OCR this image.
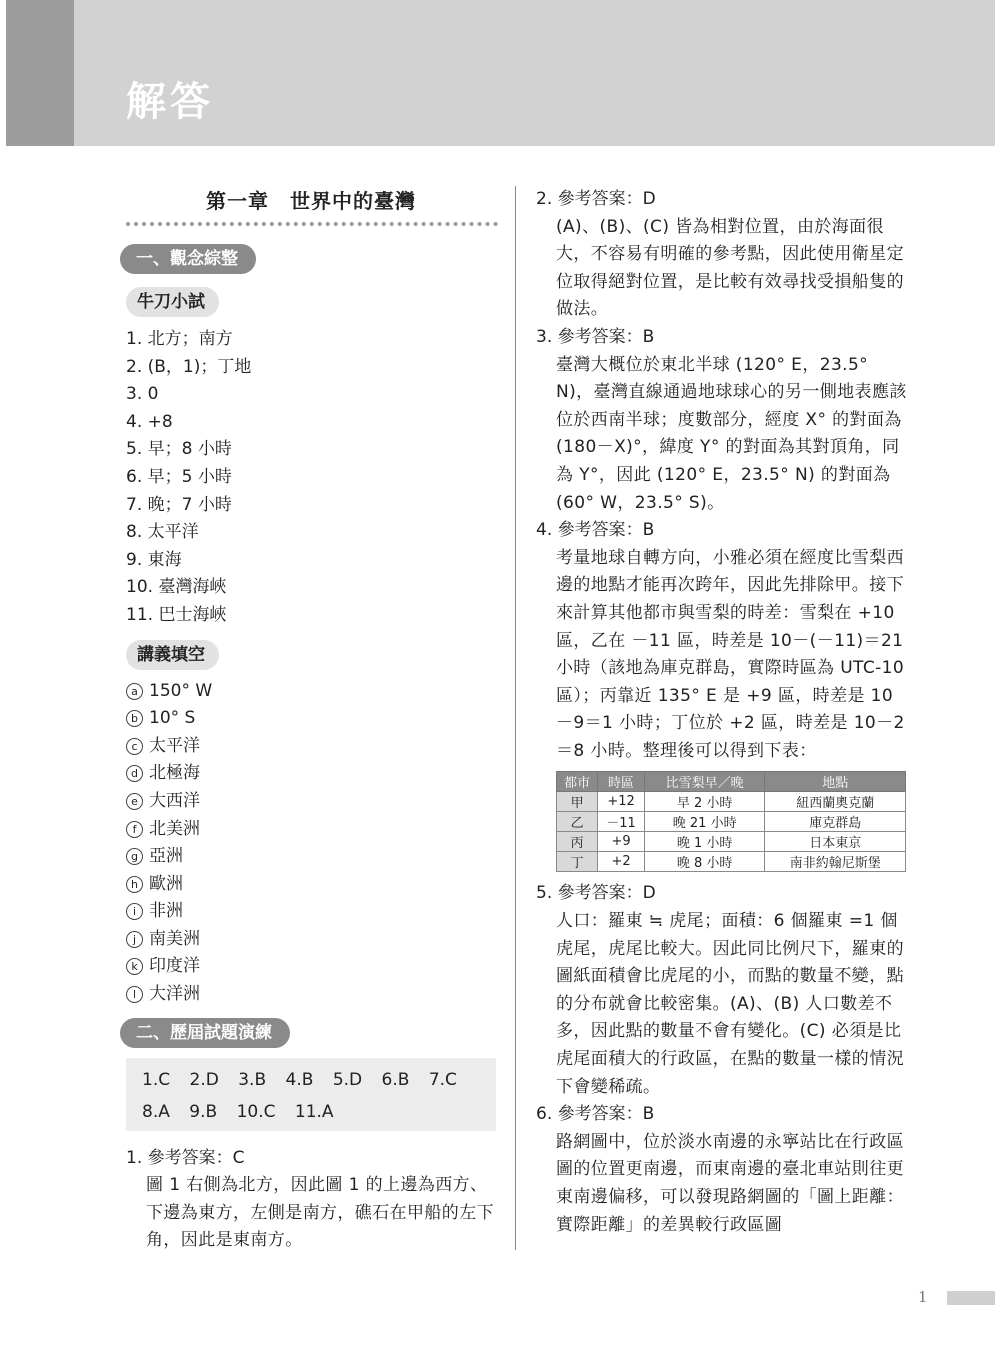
解答
第一章　世界中的臺灣
一、觀念綜整
牛刀小試
1. 北方；南方
2. (B，1)；丁地
3. 0
4. +8
5. 早；8 小時
6. 早；5 小時
7. 晚；7 小時
8. 太平洋
9. 東海
10. 臺灣海峽
11. 巴士海峽
講義填空
a 150° W
b 10° S
c 太平洋
d 北極海
e 大西洋
f 北美洲
g 亞洲
h 歐洲
i 非洲
j 南美洲
k 印度洋
l 大洋洲
二、歷屆試題演練
1.C 2.D 3.B 4.B 5.D 6.B 7.C
8.A 9.B 10.C 11.A
1. 參考答案：C
圖 1 右側為北方，因此圖 1 的上邊為西方、下邊為東方，左側是南方，礁石在甲船的左下角，因此是東南方。
2. 參考答案：D
(A)、(B)、(C) 皆為相對位置，由於海面很大，不容易有明確的參考點，因此使用衛星定位取得絕對位置，是比較有效尋找受損船隻的做法。
3. 參考答案：B
臺灣大概位於東北半球 (120° E，23.5° N)，臺灣直線通過地球球心的另一側地表應該位於西南半球；度數部分，經度 X° 的對面為 (180－X)°，緯度 Y° 的對面為其對頂角，同為 Y°，因此 (120° E，23.5° N) 的對面為 (60° W，23.5° S)。
4. 參考答案：B
考量地球自轉方向，小雅必須在經度比雪梨西邊的地點才能再次跨年，因此先排除甲。接下來計算其他都市與雪梨的時差：雪梨在 +10 區，乙在 －11 區，時差是 10－(－11)＝21 小時（該地為庫克群島，實際時區為 UTC-10 區）；丙靠近 135° E 是 +9 區，時差是 10－9＝1 小時；丁位於 +2 區，時差是 10－2＝8 小時。整理後可以得到下表：
都市	時區	比雪梨早／晚	地點
甲	+12	早 2 小時	紐西蘭奧克蘭
乙	－11	晚 21 小時	庫克群島
丙	+9	晚 1 小時	日本東京
丁	+2	晚 8 小時	南非約翰尼斯堡
5. 參考答案：D
人口：羅東 ≒ 虎尾；面積：6 個羅東 =1 個虎尾，虎尾比較大。因此同比例尺下，羅東的圖紙面積會比虎尾的小，而點的數量不變，點的分布就會比較密集。(A)、(B) 人口數差不多，因此點的數量不會有變化。(C) 必須是比虎尾面積大的行政區，在點的數量一樣的情況下會變稀疏。
6. 參考答案：B
路網圖中，位於淡水南邊的永寧站比在行政區圖的位置更南邊，而東南邊的臺北車站則往更東南邊偏移，可以發現路網圖的「圖上距離：實際距離」的差異較行政區圖
1
